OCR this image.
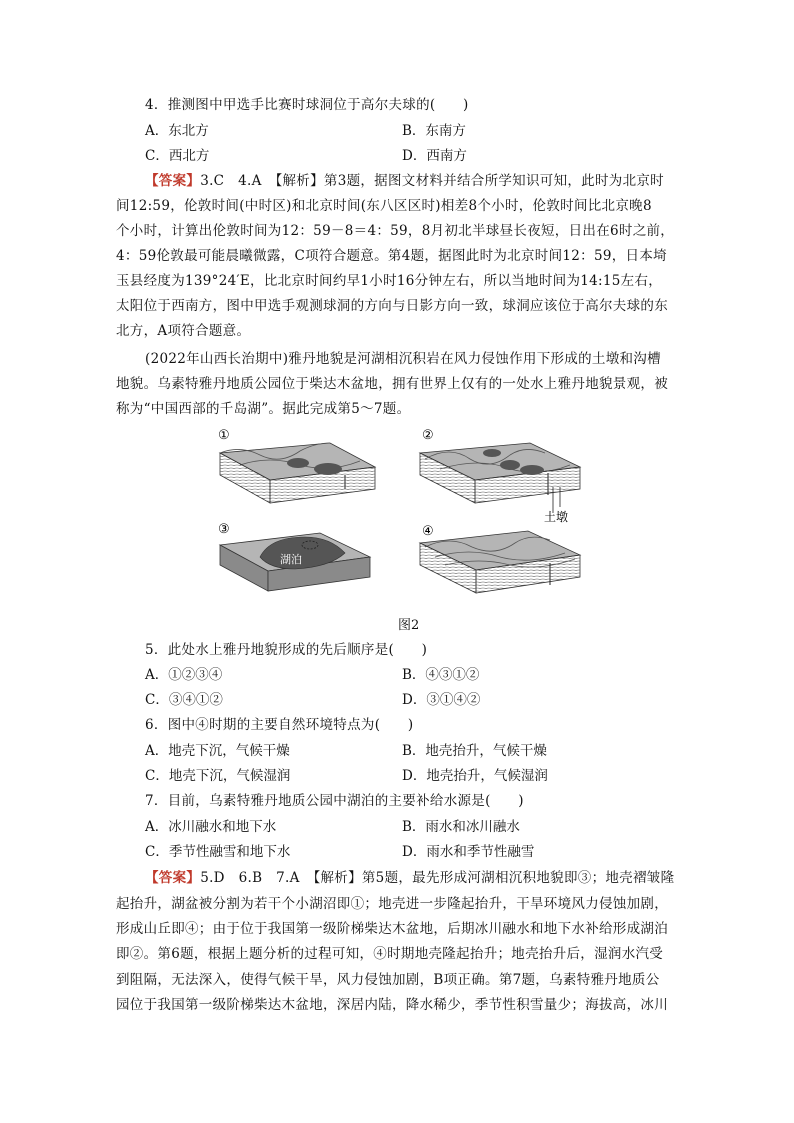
4．推测图中甲选手比赛时球洞位于高尔夫球的(　　)
A．东北方	B．东南方
C．西北方	D．西南方
【答案】3.C　4.A　【解析】第3题，据图文材料并结合所学知识可知，此时为北京时
间12:59，伦敦时间(中时区)和北京时间(东八区区时)相差8个小时，伦敦时间比北京晚8
个小时，计算出伦敦时间为12：59－8＝4：59，8月初北半球昼长夜短，日出在6时之前，
4：59伦敦最可能晨曦微露，C项符合题意。第4题，据图此时为北京时间12：59，日本埼
玉县经度为139°24′E，比北京时间约早1小时16分钟左右，所以当地时间为14:15左右，
太阳位于西南方，图中甲选手观测球洞的方向与日影方向一致，球洞应该位于高尔夫球的东
北方，A项符合题意。
(2022年山西长治期中)雅丹地貌是河湖相沉积岩在风力侵蚀作用下形成的土墩和沟槽
地貌。乌素特雅丹地质公园位于柴达木盆地，拥有世界上仅有的一处水上雅丹地貌景观，被
称为“中国西部的千岛湖”。据此完成第5～7题。
①	②
③	④
湖泊
土墩
图2
5．此处水上雅丹地貌形成的先后顺序是(　　)
A．①②③④	B．④③①②
C．③④①②	D．③①④②
6．图中④时期的主要自然环境特点为(　　)
A．地壳下沉，气候干燥	B．地壳抬升，气候干燥
C．地壳下沉，气候湿润	D．地壳抬升，气候湿润
7．目前，乌素特雅丹地质公园中湖泊的主要补给水源是(　　)
A．冰川融水和地下水	B．雨水和冰川融水
C．季节性融雪和地下水	D．雨水和季节性融雪
【答案】5.D　6.B　7.A　【解析】第5题，最先形成河湖相沉积地貌即③；地壳褶皱隆
起抬升，湖盆被分割为若干个小湖沼即①；地壳进一步隆起抬升，干旱环境风力侵蚀加剧，
形成山丘即④；由于位于我国第一级阶梯柴达木盆地，后期冰川融水和地下水补给形成湖泊
即②。第6题，根据上题分析的过程可知，④时期地壳隆起抬升；地壳抬升后，湿润水汽受
到阻隔，无法深入，使得气候干旱，风力侵蚀加剧，B项正确。第7题，乌素特雅丹地质公
园位于我国第一级阶梯柴达木盆地，深居内陆，降水稀少，季节性积雪量少；海拔高，冰川
